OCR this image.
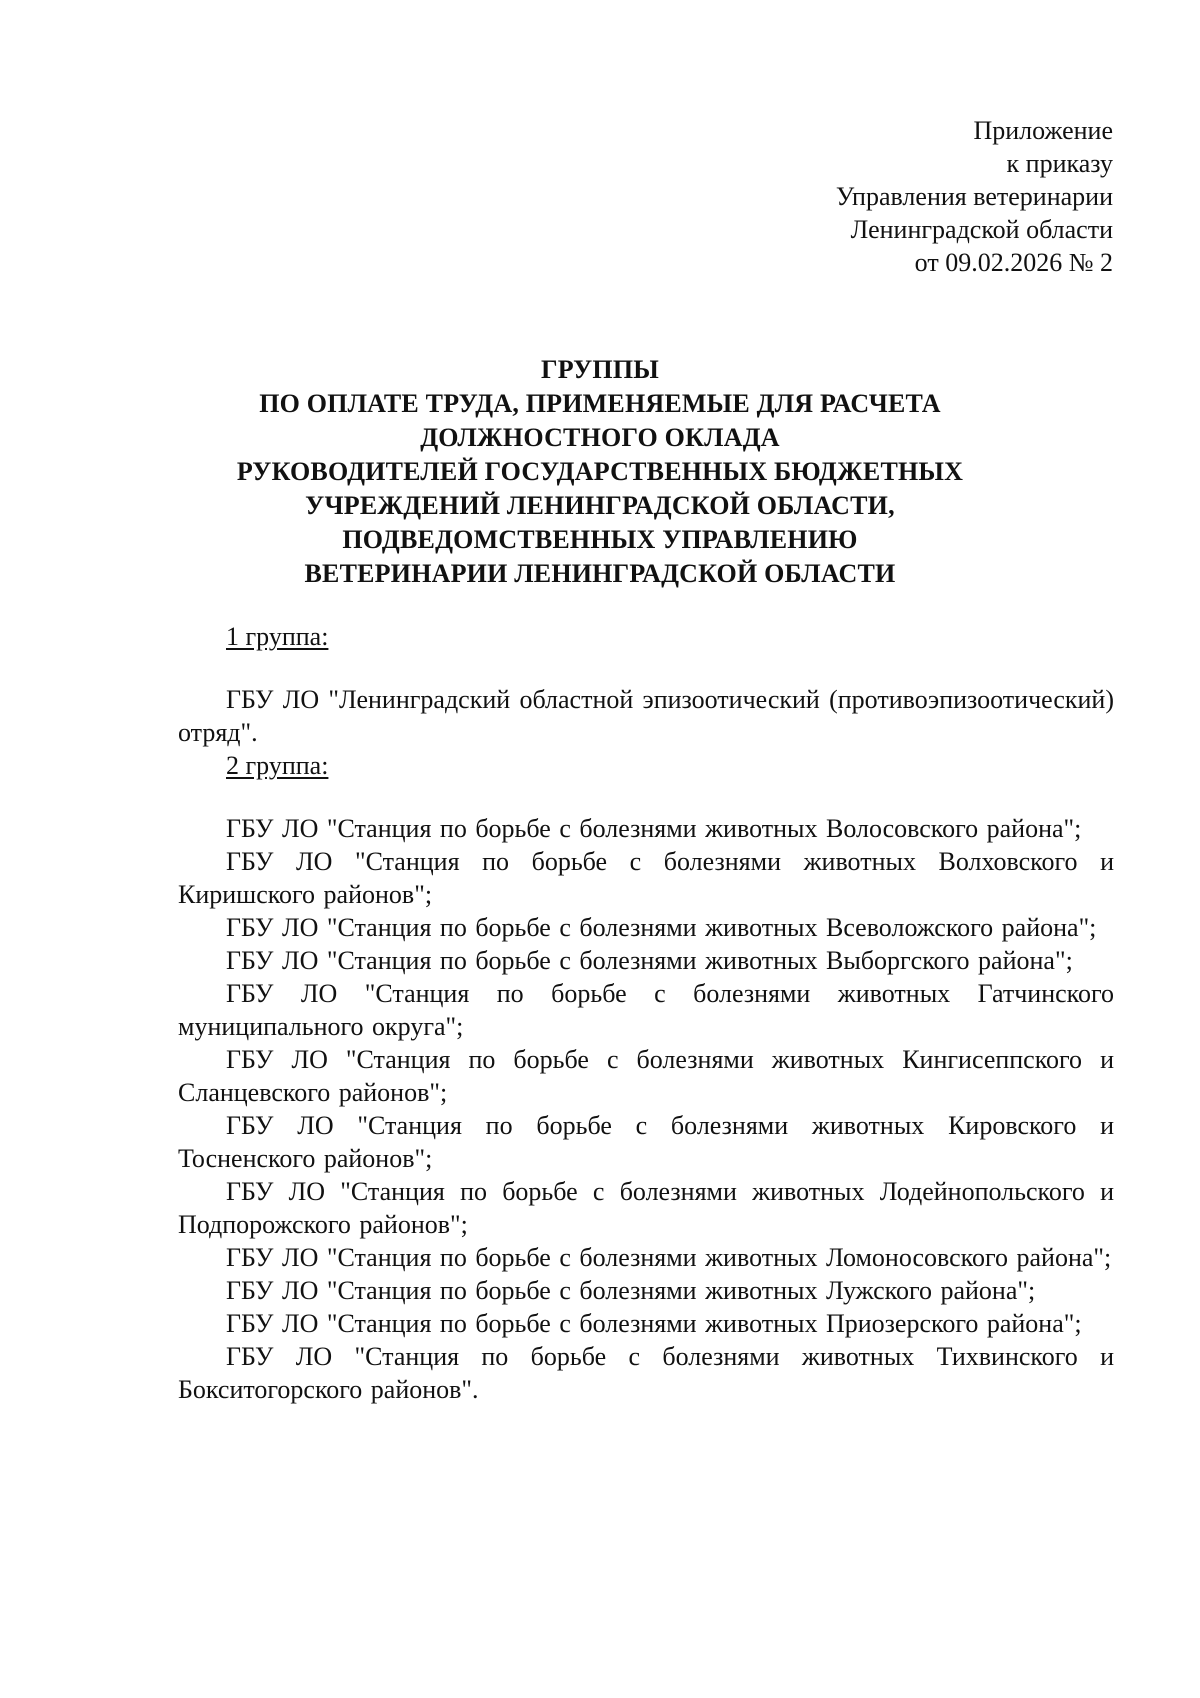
Приложение
к приказу
Управления ветеринарии
Ленинградской области
от 09.02.2026 № 2
ГРУППЫ
ПО ОПЛАТЕ ТРУДА, ПРИМЕНЯЕМЫЕ ДЛЯ РАСЧЕТА
ДОЛЖНОСТНОГО ОКЛАДА
РУКОВОДИТЕЛЕЙ ГОСУДАРСТВЕННЫХ БЮДЖЕТНЫХ
УЧРЕЖДЕНИЙ ЛЕНИНГРАДСКОЙ ОБЛАСТИ,
ПОДВЕДОМСТВЕННЫХ УПРАВЛЕНИЮ
ВЕТЕРИНАРИИ ЛЕНИНГРАДСКОЙ ОБЛАСТИ
1 группа:

ГБУ ЛО "Ленинградский областной эпизоотический (противоэпизоотический) отряд".

2 группа:

ГБУ ЛО "Станция по борьбе с болезнями животных Волосовского района";

ГБУ ЛО "Станция по борьбе с болезнями животных Волховского и Киришского районов";

ГБУ ЛО "Станция по борьбе с болезнями животных Всеволожского района";

ГБУ ЛО "Станция по борьбе с болезнями животных Выборгского района";

ГБУ ЛО "Станция по борьбе с болезнями животных Гатчинского муниципального округа";

ГБУ ЛО "Станция по борьбе с болезнями животных Кингисеппского и Сланцевского районов";

ГБУ ЛО "Станция по борьбе с болезнями животных Кировского и Тосненского районов";

ГБУ ЛО "Станция по борьбе с болезнями животных Лодейнопольского и Подпорожского районов";

ГБУ ЛО "Станция по борьбе с болезнями животных Ломоносовского района";

ГБУ ЛО "Станция по борьбе с болезнями животных Лужского района";

ГБУ ЛО "Станция по борьбе с болезнями животных Приозерского района";

ГБУ ЛО "Станция по борьбе с болезнями животных Тихвинского и Бокситогорского районов".
